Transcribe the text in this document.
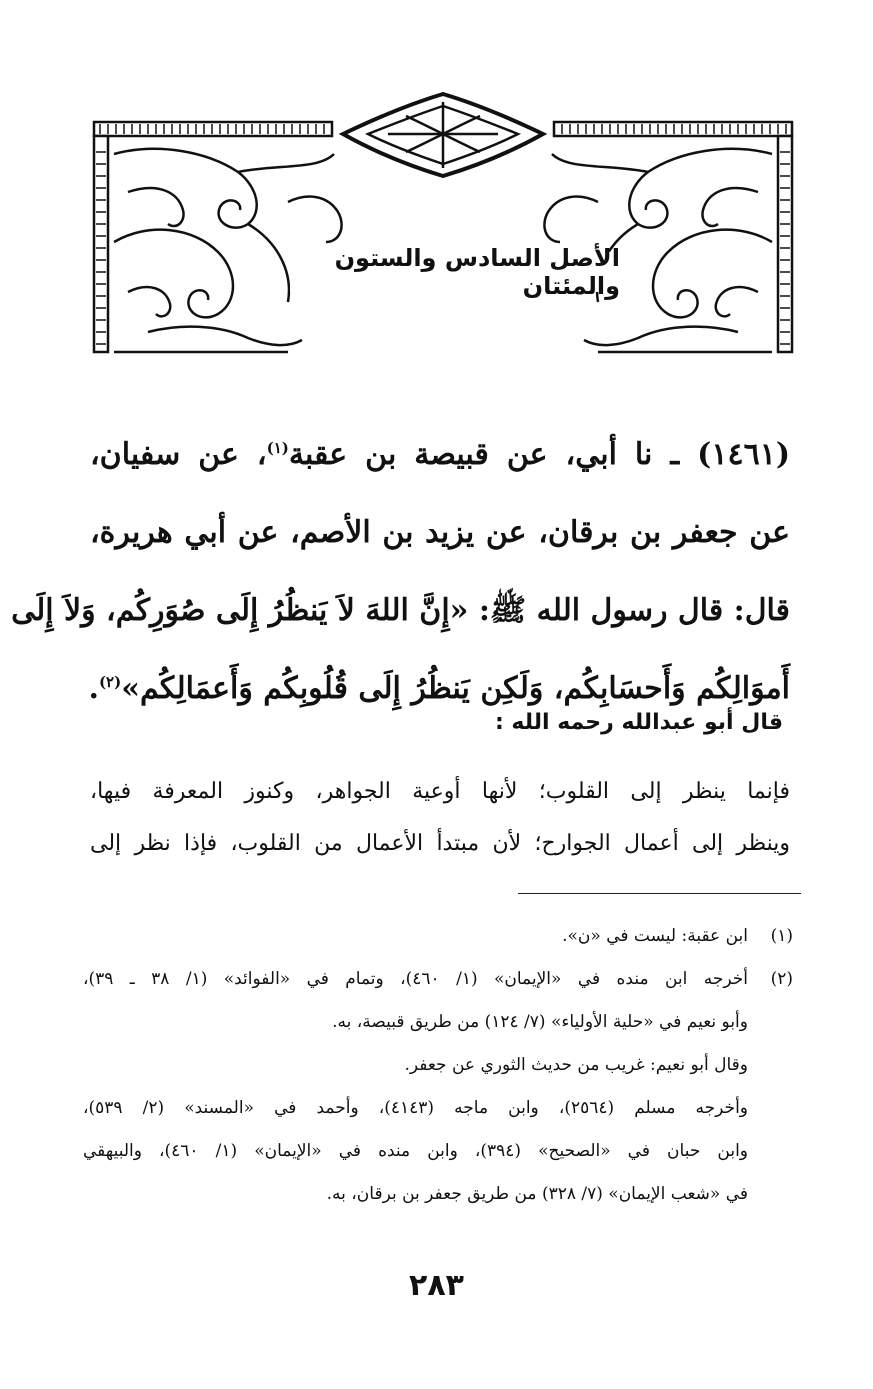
الأصل السادس والستون والمئتان
(١٤٦١) ـ نا أبي، عن قبيصة بن عقبة$^{(١)}$، عن سفيان،
عن جعفر بن برقان، عن يزيد بن الأصم، عن أبي هريرة،
قال: قال رسول الله ﷺ: «إِنَّ اللهَ لاَ يَنظُرُ إِلَى صُوَرِكُم، وَلاَ إِلَى
أَموَالِكُم وَأَحسَابِكُم، وَلَكِن يَنظُرُ إِلَى قُلُوبِكُم وَأَعمَالِكُم»$^{(٢)}$.
قال أبو عبدالله رحمه الله :
فإنما ينظر إلى القلوب؛ لأنها أوعية الجواهر، وكنوز المعرفة فيها،
وينظر إلى أعمال الجوارح؛ لأن مبتدأ الأعمال من القلوب، فإذا نظر إلى
(١)
ابن عقبة: ليست في «ن».
(٢)
أخرجه ابن منده في «الإيمان» (١/ ٤٦٠)، وتمام في «الفوائد» (١/ ٣٨ ـ ٣٩)،
وأبو نعيم في «حلية الأولياء» (٧/ ١٢٤) من طريق قبيصة، به.
وقال أبو نعيم: غريب من حديث الثوري عن جعفر.
وأخرجه مسلم (٢٥٦٤)، وابن ماجه (٤١٤٣)، وأحمد في «المسند» (٢/ ٥٣٩)،
وابن حبان في «الصحيح» (٣٩٤)، وابن منده في «الإيمان» (١/ ٤٦٠)، والبيهقي
في «شعب الإيمان» (٧/ ٣٢٨) من طريق جعفر بن برقان، به.
٢٨٣
